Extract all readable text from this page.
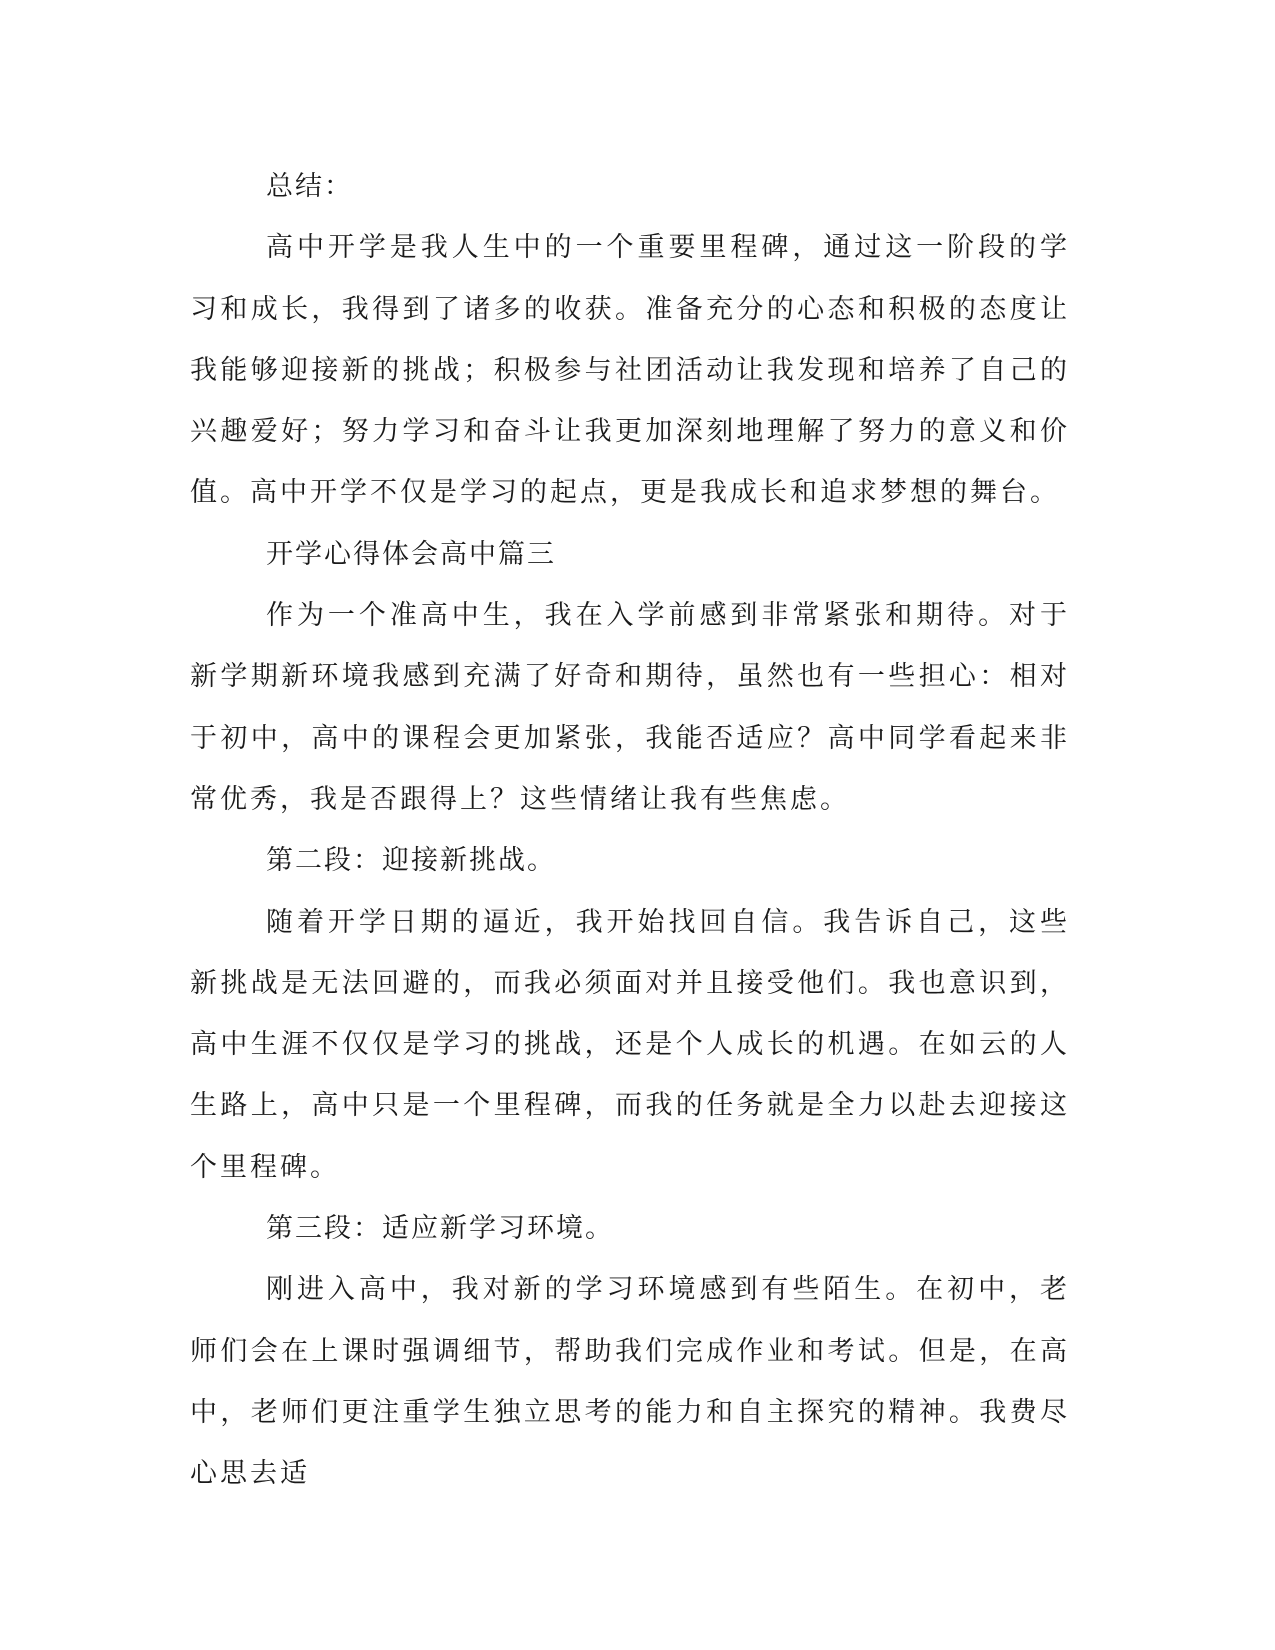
总结：

高中开学是我人生中的一个重要里程碑，通过这一阶段的学习和成长，我得到了诸多的收获。准备充分的心态和积极的态度让我能够迎接新的挑战；积极参与社团活动让我发现和培养了自己的兴趣爱好；努力学习和奋斗让我更加深刻地理解了努力的意义和价值。高中开学不仅是学习的起点，更是我成长和追求梦想的舞台。

开学心得体会高中篇三

作为一个准高中生，我在入学前感到非常紧张和期待。对于新学期新环境我感到充满了好奇和期待，虽然也有一些担心：相对于初中，高中的课程会更加紧张，我能否适应？高中同学看起来非常优秀，我是否跟得上？这些情绪让我有些焦虑。

第二段：迎接新挑战。

随着开学日期的逼近，我开始找回自信。我告诉自己，这些新挑战是无法回避的，而我必须面对并且接受他们。我也意识到，高中生涯不仅仅是学习的挑战，还是个人成长的机遇。在如云的人生路上，高中只是一个里程碑，而我的任务就是全力以赴去迎接这个里程碑。

第三段：适应新学习环境。

刚进入高中，我对新的学习环境感到有些陌生。在初中，老师们会在上课时强调细节，帮助我们完成作业和考试。但是，在高中，老师们更注重学生独立思考的能力和自主探究的精神。我费尽心思去适
